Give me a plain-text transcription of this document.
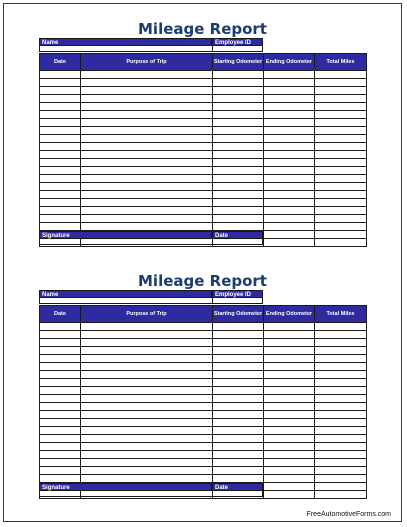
Mileage Report
Name	Employee ID
Date	Purpose of Trip	Starting Odometer	Ending Odometer	Total Miles

Signature	Date
Mileage Report
Name	Employee ID
Date	Purpose of Trip	Starting Odometer	Ending Odometer	Total Miles

Signature	Date
FreeAutomotiveForms.com
